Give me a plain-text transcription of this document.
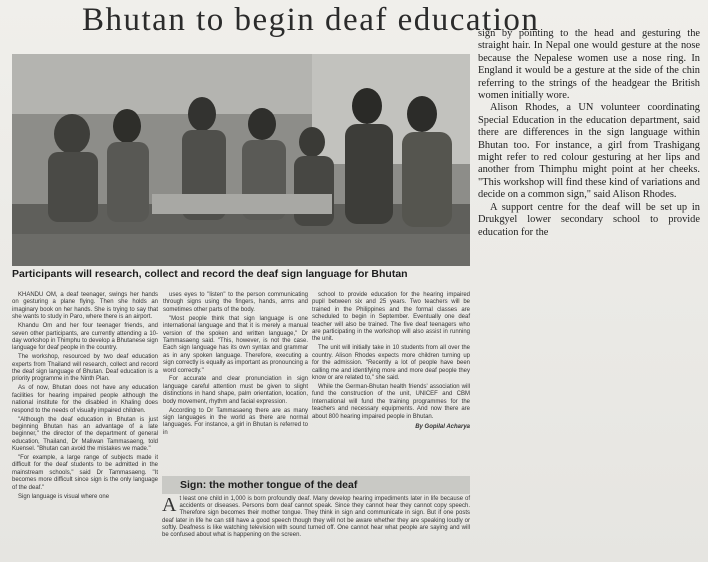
Bhutan to begin deaf education
Participants will research, collect and record the deaf sign language for Bhutan

KHANDU OM, a deaf teenager, swings her hands on gesturing a plane flying. Then she holds an imaginary book on her hands. She is trying to say that she wants to study in Paro, where there is an airport.

Khandu Om and her four teenager friends, and seven other participants, are currently attending a 10-day workshop in Thimphu to develop a Bhutanese sign language for deaf people in the country.

The workshop, resourced by two deaf education experts from Thailand will research, collect and record the deaf sign language of Bhutan. Deaf education is a priority programme in the Ninth Plan.

As of now, Bhutan does not have any education facilities for hearing impaired people although the national institute for the disabled in Khaling does respond to the needs of visually impaired children.

"Although the deaf education in Bhutan is just beginning Bhutan has an advantage of a late beginner," the director of the department of general education, Thailand, Dr Maliwan Tammasaeng, told Kuensel. "Bhutan can avoid the mistakes we made."

"For example, a large range of subjects made it difficult for the deaf students to be admitted in the mainstream schools," said Dr Tammasaeng. "It becomes more difficult since sign is the only language of the deaf."

Sign language is visual where one

uses eyes to "listen" to the person communicating through signs using the fingers, hands, arms and sometimes other parts of the body.

"Most people think that sign language is one international language and that it is merely a manual version of the spoken and written language," Dr Tammasaeng said. "This, however, is not the case. Each sign language has its own syntax and grammar as in any spoken language. Therefore, executing a sign correctly is equally as important as pronouncing a word correctly."

For accurate and clear pronunciation in sign language careful attention must be given to slight distinctions in hand shape, palm orientation, location, body movement, rhythm and facial expression.

According to Dr Tammasaeng there are as many sign languages in the world as there are normal languages. For instance, a girl in Bhutan is referred to in

school to provide education for the hearing impaired pupil between six and 25 years. Two teachers will be trained in the Philippines and the formal classes are scheduled to begin in September. Eventually one deaf teacher will also be trained. The five deaf teenagers who are participating in the workshop will also assist in running the unit.

The unit will initially take in 10 students from all over the country. Alison Rhodes expects more children turning up for the admission. "Recently a lot of people have been calling me and identifying more and more deaf people they know or are related to," she said.

While the German-Bhutan health friends' association will fund the construction of the unit, UNICEF and CBM International will fund the training programmes for the teachers and necessary equipments. And now there are about 800 hearing impaired people in Bhutan.

By Gopilal Acharya

sign by pointing to the head and gesturing the straight hair. In Nepal one would gesture at the nose because the Nepalese women use a nose ring. In England it would be a gesture at the side of the chin referring to the strings of the headgear the British women initially wore.

Alison Rhodes, a UN volunteer coordinating Special Education in the education department, said there are differences in the sign language within Bhutan too. For instance, a girl from Trashigang might refer to red colour gesturing at her lips and another from Thimphu might point at her cheeks. "This workshop will find these kind of variations and decide on a common sign," said Alison Rhodes.

A support centre for the deaf will be set up in Drukgyel lower secondary school to provide education for the

Sign: the mother tongue of the deaf

At least one child in 1,000 is born profoundly deaf. Many develop hearing impediments later in life because of accidents or diseases. Persons born deaf cannot speak. Since they cannot hear they cannot copy speech. Therefore sign becomes their mother tongue. They think in sign and communicate in sign. But if one posts deaf later in life he can still have a good speech though they will not be aware whether they are speaking loudly or softly. Deafness is like watching television with sound turned off. One cannot hear what people are saying and will be confused about what is happening on the screen.
